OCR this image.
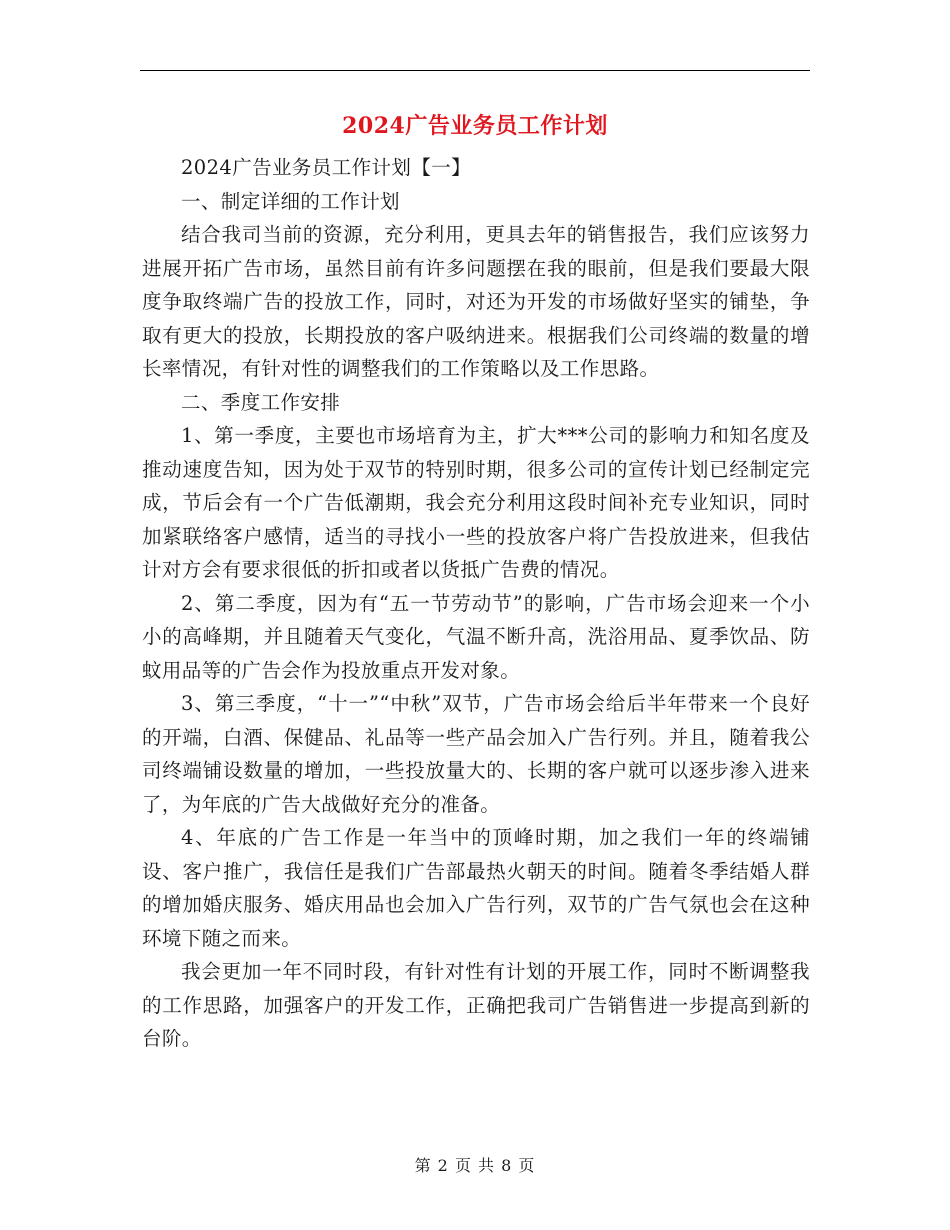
2024广告业务员工作计划

2024广告业务员工作计划【一】

一、制定详细的工作计划

结合我司当前的资源，充分利用，更具去年的销售报告，我们应该努力进展开拓广告市场，虽然目前有许多问题摆在我的眼前，但是我们要最大限度争取终端广告的投放工作，同时，对还为开发的市场做好坚实的铺垫，争取有更大的投放，长期投放的客户吸纳进来。根据我们公司终端的数量的增长率情况，有针对性的调整我们的工作策略以及工作思路。

二、季度工作安排

1、第一季度，主要也市场培育为主，扩大***公司的影响力和知名度及推动速度告知，因为处于双节的特别时期，很多公司的宣传计划已经制定完成，节后会有一个广告低潮期，我会充分利用这段时间补充专业知识，同时加紧联络客户感情，适当的寻找小一些的投放客户将广告投放进来，但我估计对方会有要求很低的折扣或者以货抵广告费的情况。

2、第二季度，因为有“五一节劳动节”的影响，广告市场会迎来一个小小的高峰期，并且随着天气变化，气温不断升高，洗浴用品、夏季饮品、防蚊用品等的广告会作为投放重点开发对象。

3、第三季度，“十一”“中秋”双节，广告市场会给后半年带来一个良好的开端，白酒、保健品、礼品等一些产品会加入广告行列。并且，随着我公司终端铺设数量的增加，一些投放量大的、长期的客户就可以逐步渗入进来了，为年底的广告大战做好充分的准备。

4、年底的广告工作是一年当中的顶峰时期，加之我们一年的终端铺设、客户推广，我信任是我们广告部最热火朝天的时间。随着冬季结婚人群的增加婚庆服务、婚庆用品也会加入广告行列，双节的广告气氛也会在这种环境下随之而来。

我会更加一年不同时段，有针对性有计划的开展工作，同时不断调整我的工作思路，加强客户的开发工作，正确把我司广告销售进一步提高到新的台阶。

第 2 页 共 8 页
